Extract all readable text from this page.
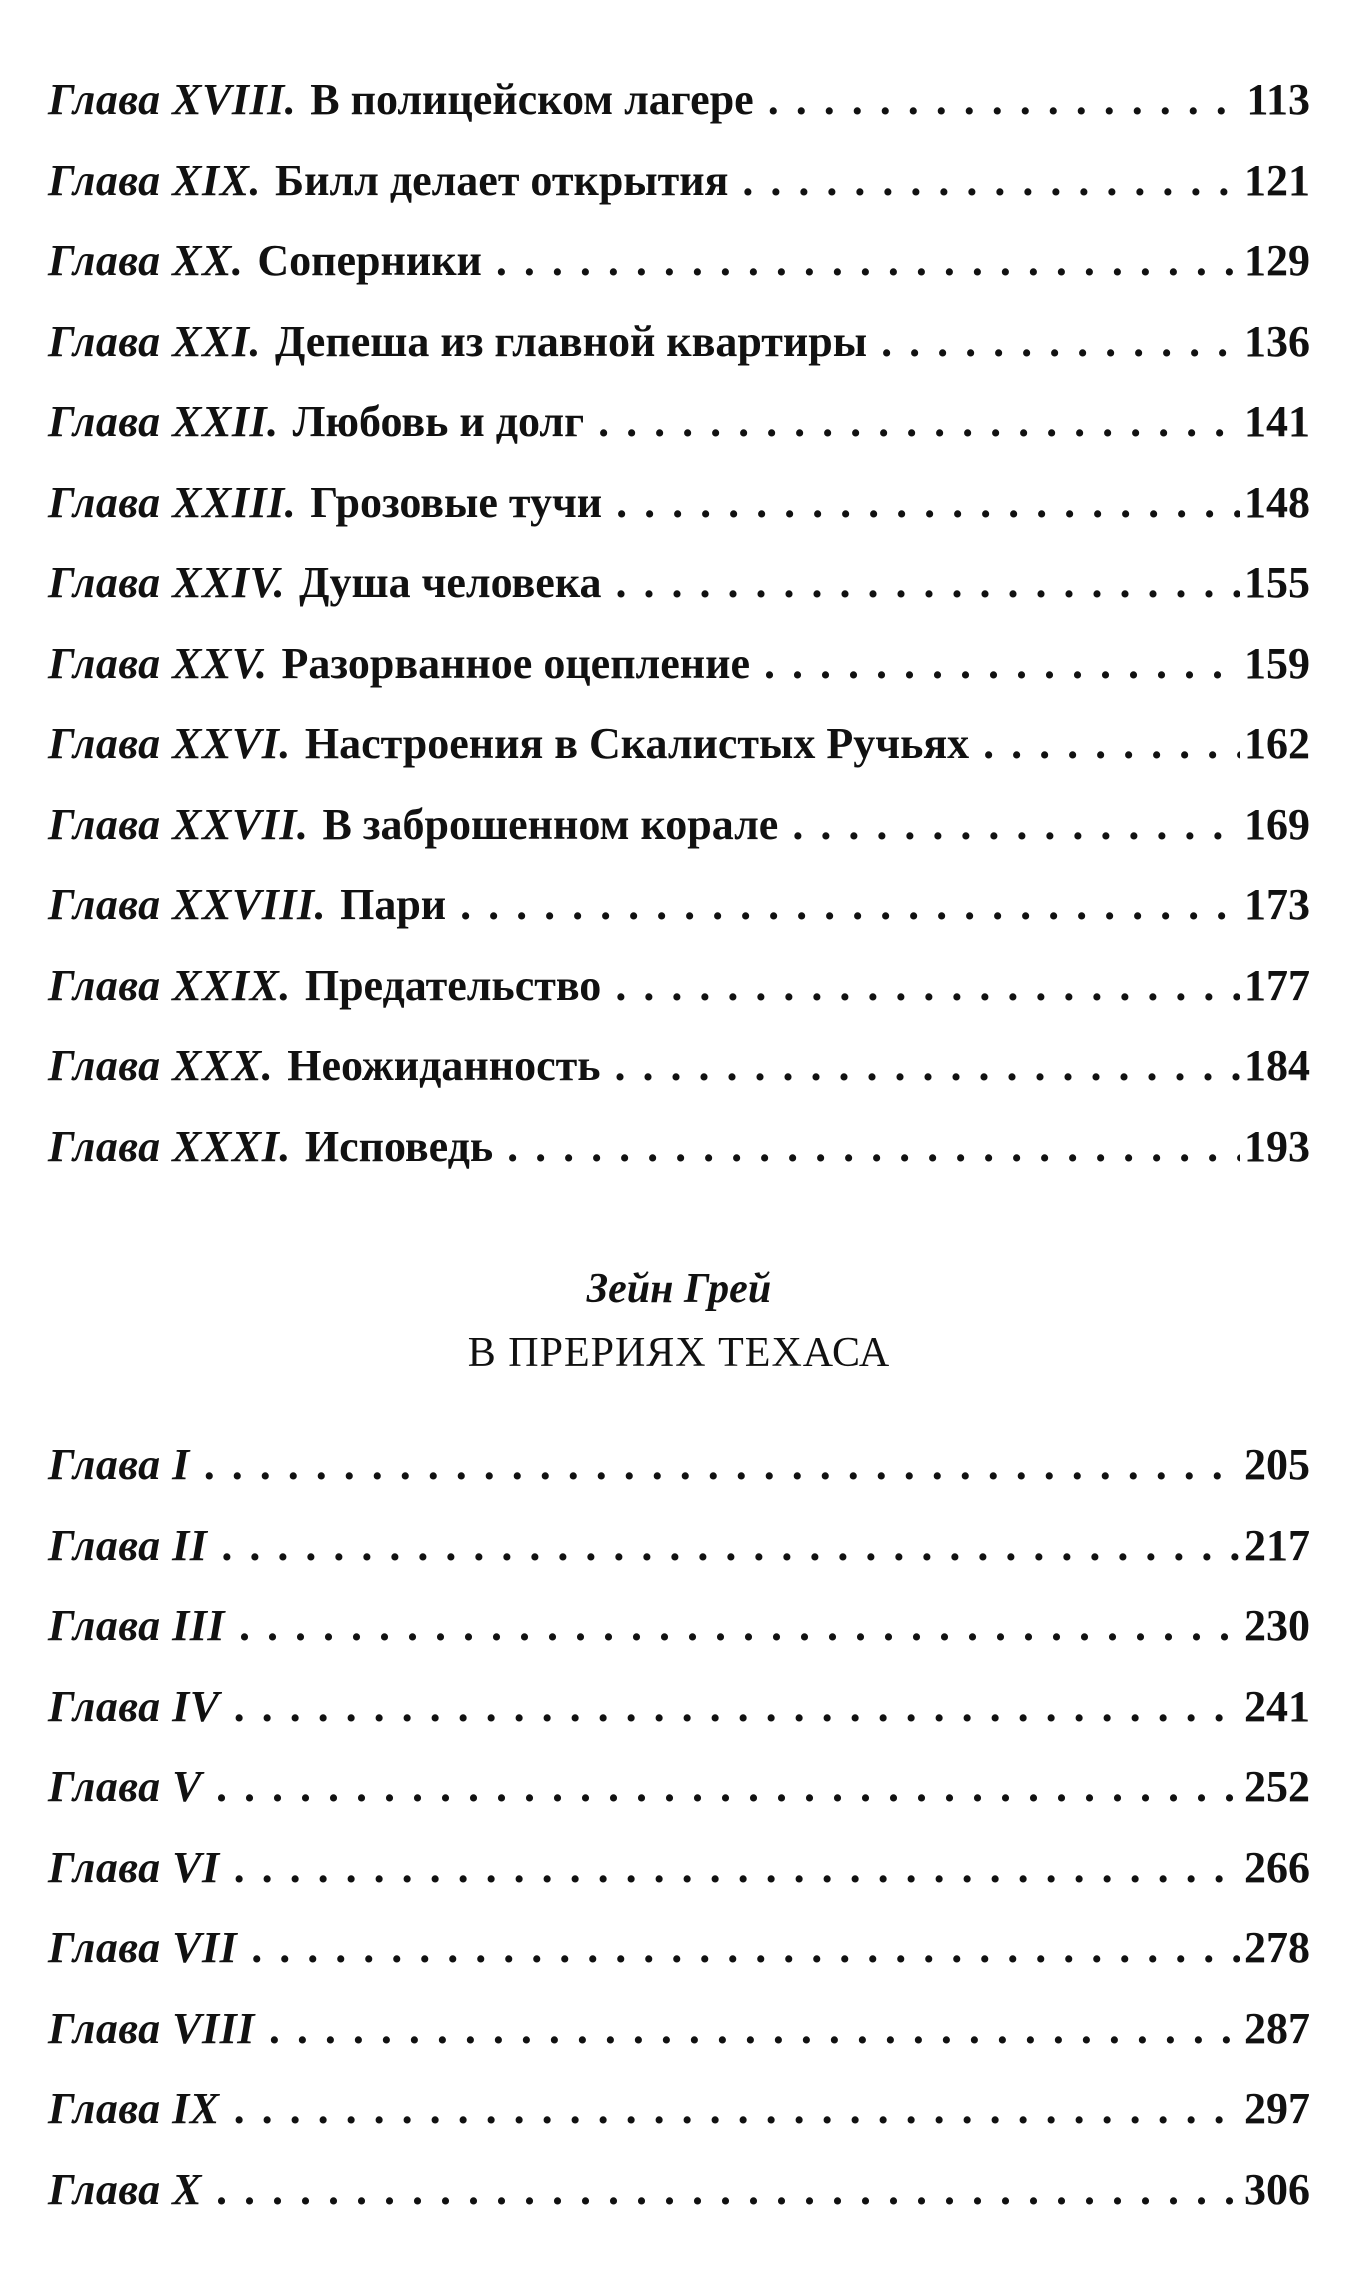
Глава XVIII. В полицейском лагере . . .	113
Глава XIX. Билл делает открытия . . .	121
Глава XX. Соперники . . .	129
Глава XXI. Депеша из главной квартиры . . .	136
Глава XXII. Любовь и долг . . .	141
Глава XXIII. Грозовые тучи . . .	148
Глава XXIV. Душа человека . . .	155
Глава XXV. Разорванное оцепление . . .	159
Глава XXVI. Настроения в Скалистых Ручьях . . .	162
Глава XXVII. В заброшенном корале . . .	169
Глава XXVIII. Пари . . .	173
Глава XXIX. Предательство . . .	177
Глава XXX. Неожиданность . . .	184
Глава XXXI. Исповедь . . .	193
Зейн Грей
В ПРЕРИЯХ ТЕХАСА
Глава I . . .	205
Глава II . . .	217
Глава III . . .	230
Глава IV . . .	241
Глава V . . .	252
Глава VI . . .	266
Глава VII . . .	278
Глава VIII . . .	287
Глава IX . . .	297
Глава X . . .	306
